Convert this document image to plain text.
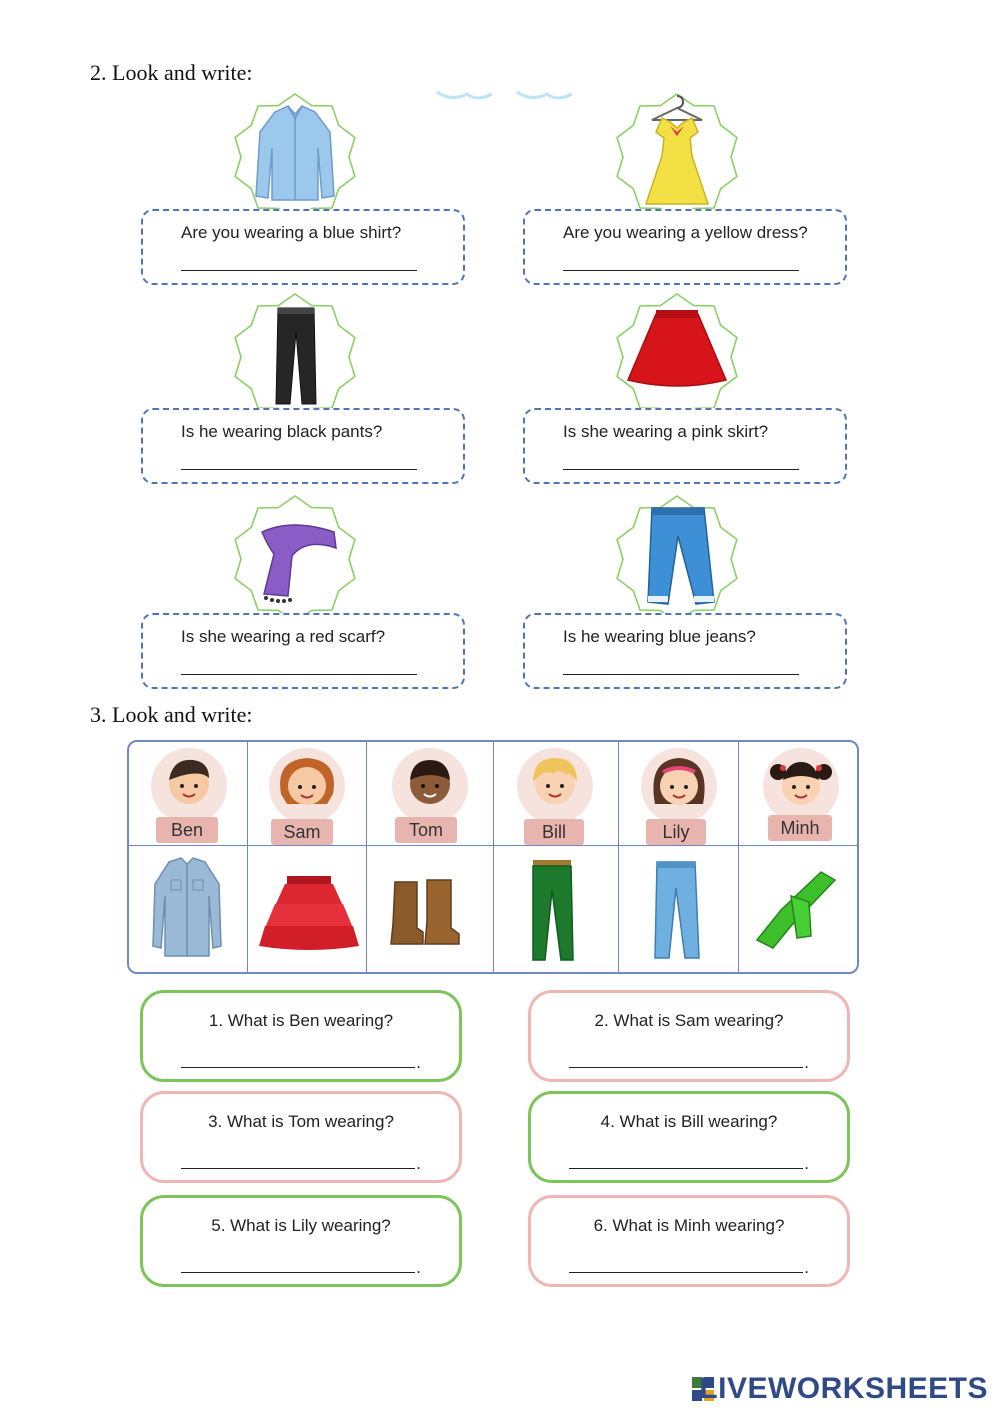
2. Look and write:
Are you wearing a blue shirt?	Are you wearing a yellow dress?
Is he wearing black pants?	Is she wearing a pink skirt?
Is she wearing a red scarf?	Is he wearing blue jeans?
3. Look and write:
Ben	Sam	Tom	Bill	Lily	Minh
1. What is Ben wearing?
.
2. What is Sam wearing?
.
3. What is Tom wearing?
.
4. What is Bill wearing?
.
5. What is Lily wearing?
.
6. What is Minh wearing?
.
LIVEWORKSHEETS
